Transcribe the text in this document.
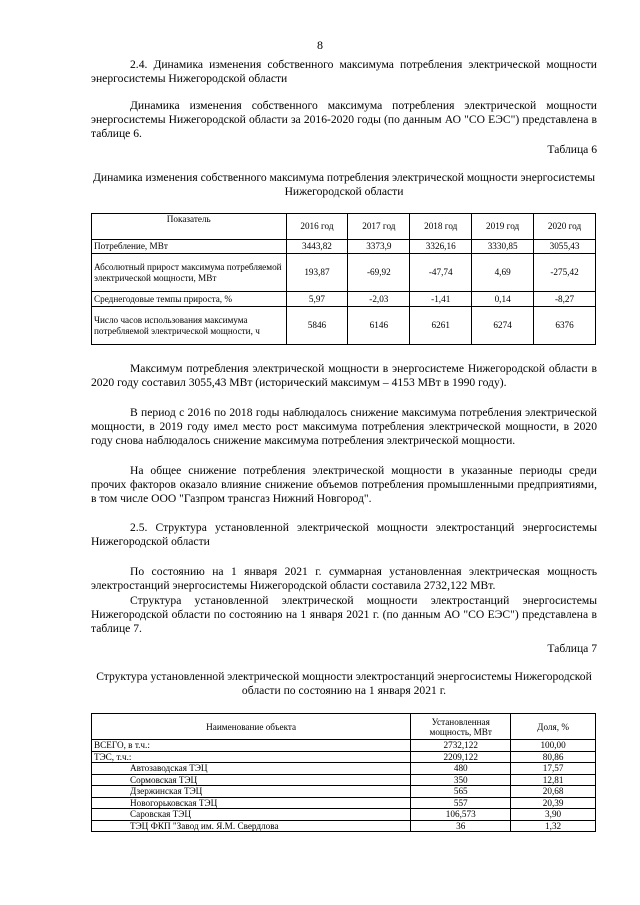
8

2.4. Динамика изменения собственного максимума потребления электрической мощности энергосистемы Нижегородской области

Динамика изменения собственного максимума потребления электрической мощности энергосистемы Нижегородской области за 2016-2020 годы (по данным АО "СО ЕЭС") представлена в таблице 6.

Таблица 6

Динамика изменения собственного максимума потребления электрической мощности энергосистемы Нижегородской области

Показатель	2016 год	2017 год	2018 год	2019 год	2020 год
Потребление, МВт	3443,82	3373,9	3326,16	3330,85	3055,43
Абсолютный прирост максимума потребляемой электрической мощности, МВт	193,87	-69,92	-47,74	4,69	-275,42
Среднегодовые темпы прироста, %	5,97	-2,03	-1,41	0,14	-8,27
Число часов использования максимума потребляемой электрической мощности, ч	5846	6146	6261	6274	6376

Максимум потребления электрической мощности в энергосистеме Нижегородской области в 2020 году составил 3055,43 МВт (исторический максимум – 4153 МВт в 1990 году).

В период с 2016 по 2018 годы наблюдалось снижение максимума потребления электрической мощности, в 2019 году имел место рост максимума потребления электрической мощности, в 2020 году снова наблюдалось снижение максимума потребления электрической мощности.

На общее снижение потребления электрической мощности в указанные периоды среди прочих факторов оказало влияние снижение объемов потребления промышленными предприятиями, в том числе ООО "Газпром трансгаз Нижний Новгород".

2.5. Структура установленной электрической мощности электростанций энергосистемы Нижегородской области

По состоянию на 1 января 2021 г. суммарная установленная электрическая мощность электростанций энергосистемы Нижегородской области составила 2732,122 МВт.

Структура установленной электрической мощности электростанций энергосистемы Нижегородской области по состоянию на 1 января 2021 г. (по данным АО "СО ЕЭС") представлена в таблице 7.

Таблица 7

Структура установленной электрической мощности электростанций энергосистемы Нижегородской области по состоянию на 1 января 2021 г.

Наименование объекта	Установленная мощность, МВт	Доля, %
ВСЕГО, в т.ч.:	2732,122	100,00
ТЭС, т.ч.:	2209,122	80,86
Автозаводская ТЭЦ	480	17,57
Сормовская ТЭЦ	350	12,81
Дзержинская ТЭЦ	565	20,68
Новогорьковская ТЭЦ	557	20,39
Саровская ТЭЦ	106,573	3,90
ТЭЦ ФКП "Завод им. Я.М. Свердлова	36	1,32
